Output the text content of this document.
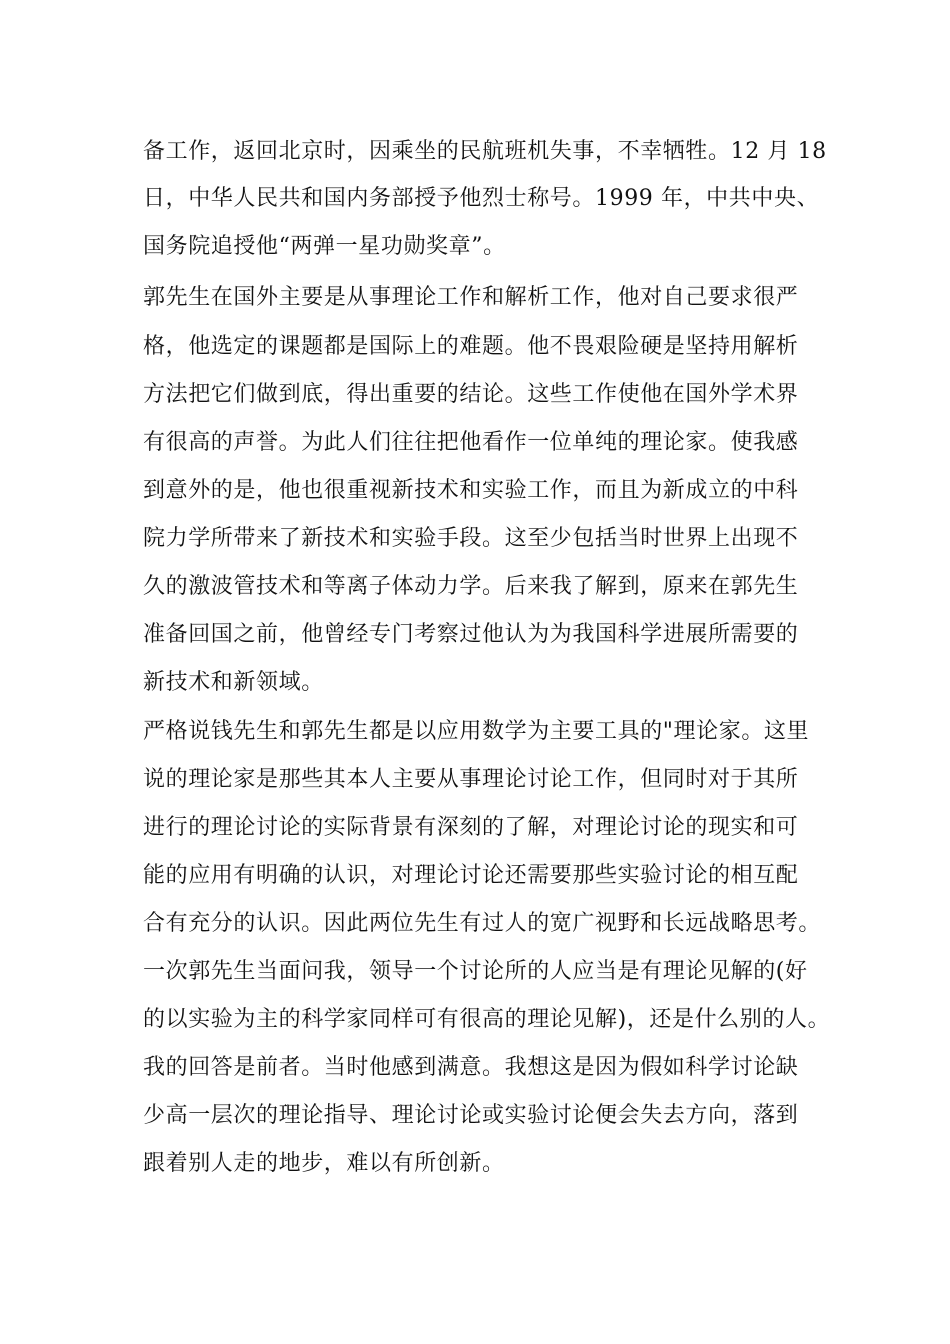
备工作，返回北京时，因乘坐的民航班机失事，不幸牺牲。12 月 18

日，中华人民共和国内务部授予他烈士称号。1999 年，中共中央、

国务院追授他“两弹一星功勋奖章”。

郭先生在国外主要是从事理论工作和解析工作，他对自己要求很严

格，他选定的课题都是国际上的难题。他不畏艰险硬是坚持用解析

方法把它们做到底，得出重要的结论。这些工作使他在国外学术界

有很高的声誉。为此人们往往把他看作一位单纯的理论家。使我感

到意外的是，他也很重视新技术和实验工作，而且为新成立的中科

院力学所带来了新技术和实验手段。这至少包括当时世界上出现不

久的激波管技术和等离子体动力学。后来我了解到，原来在郭先生

准备回国之前，他曾经专门考察过他认为为我国科学进展所需要的

新技术和新领域。

严格说钱先生和郭先生都是以应用数学为主要工具的"理论家。这里

说的理论家是那些其本人主要从事理论讨论工作，但同时对于其所

进行的理论讨论的实际背景有深刻的了解，对理论讨论的现实和可

能的应用有明确的认识，对理论讨论还需要那些实验讨论的相互配

合有充分的认识。因此两位先生有过人的宽广视野和长远战略思考。

一次郭先生当面问我，领导一个讨论所的人应当是有理论见解的(好

的以实验为主的科学家同样可有很高的理论见解)，还是什么别的人。

我的回答是前者。当时他感到满意。我想这是因为假如科学讨论缺

少高一层次的理论指导、理论讨论或实验讨论便会失去方向，落到

跟着别人走的地步，难以有所创新。
